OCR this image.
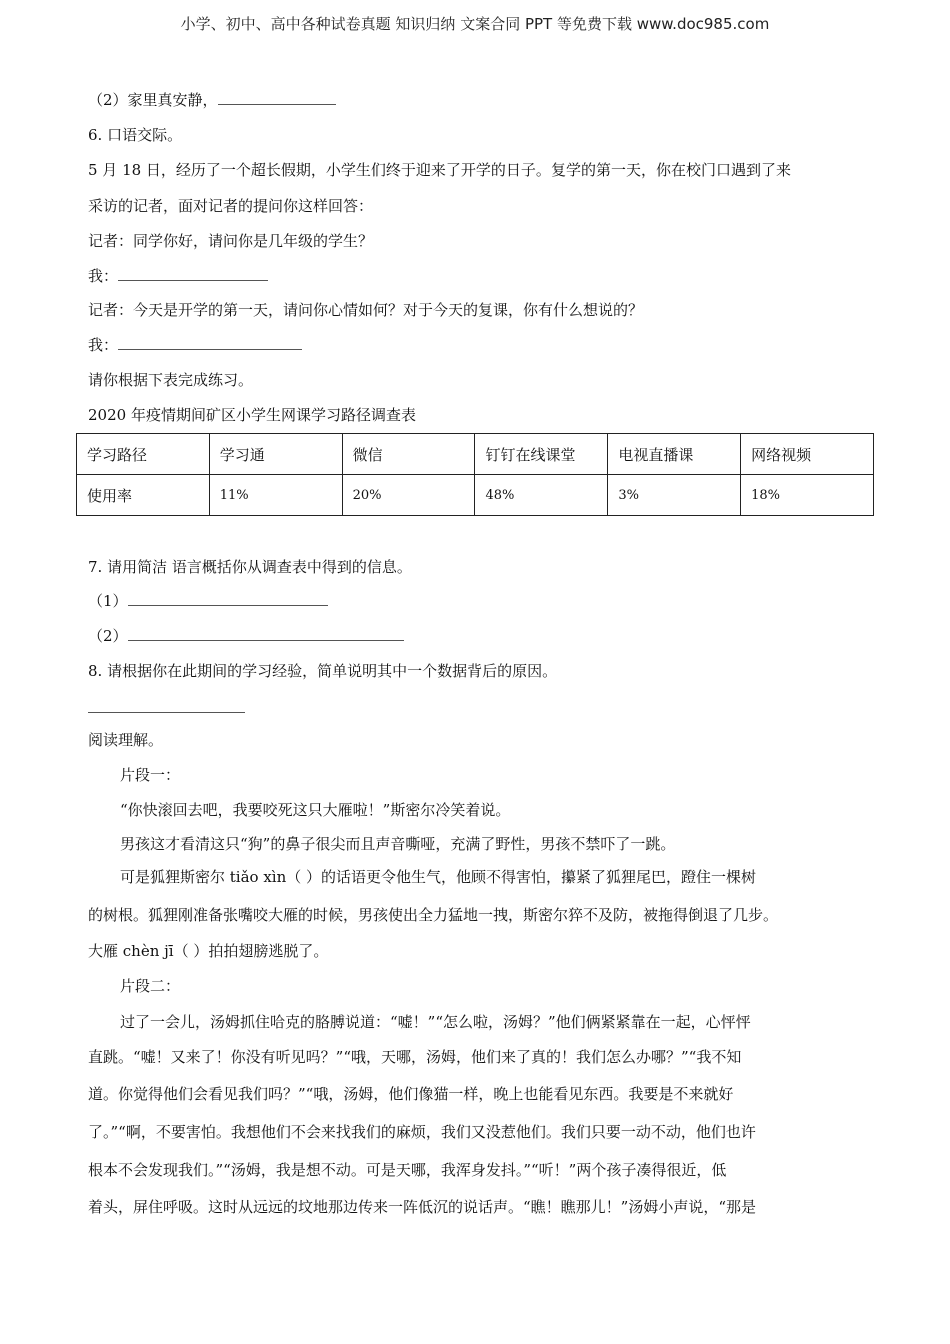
小学、初中、高中各种试卷真题 知识归纳 文案合同 PPT 等免费下载 www.doc985.com
（2）家里真安静，
6. 口语交际。
5 月 18 日，经历了一个超长假期，小学生们终于迎来了开学的日子。复学的第一天，你在校门口遇到了来
采访的记者，面对记者的提问你这样回答：
记者：同学你好，请问你是几年级的学生？
我：
记者：今天是开学的第一天，请问你心情如何？对于今天的复课，你有什么想说的？
我：
请你根据下表完成练习。
2020 年疫情期间矿区小学生网课学习路径调查表
学习路径	学习通	微信	钉钉在线课堂	电视直播课	网络视频
使用率	11%	20%	48%	3%	18%
7. 请用简洁 语言概括你从调查表中得到的信息。
（1）
（2）
8. 请根据你在此期间的学习经验，简单说明其中一个数据背后的原因。
阅读理解。
片段一：
“你快滚回去吧，我要咬死这只大雁啦！”斯密尔冷笑着说。
男孩这才看清这只“狗”的鼻子很尖而且声音嘶哑，充满了野性，男孩不禁吓了一跳。
可是狐狸斯密尔 tiǎo xìn（ ）的话语更令他生气，他顾不得害怕，攥紧了狐狸尾巴，蹬住一棵树
的树根。狐狸刚准备张嘴咬大雁的时候，男孩使出全力猛地一拽，斯密尔猝不及防，被拖得倒退了几步。
大雁 chèn jī（ ）拍拍翅膀逃脱了。
片段二：
过了一会儿，汤姆抓住哈克的胳膊说道：“嘘！”“怎么啦，汤姆？”他们俩紧紧靠在一起，心怦怦
直跳。“嘘！又来了！你没有听见吗？”“哦，天哪，汤姆，他们来了真的！我们怎么办哪？”“我不知
道。你觉得他们会看见我们吗？”“哦，汤姆，他们像猫一样，晚上也能看见东西。我要是不来就好
了。”“啊，不要害怕。我想他们不会来找我们的麻烦，我们又没惹他们。我们只要一动不动，他们也许
根本不会发现我们。”“汤姆，我是想不动。可是天哪，我浑身发抖。”“听！”两个孩子凑得很近，低
着头，屏住呼吸。这时从远远的坟地那边传来一阵低沉的说话声。“瞧！瞧那儿！”汤姆小声说，“那是
